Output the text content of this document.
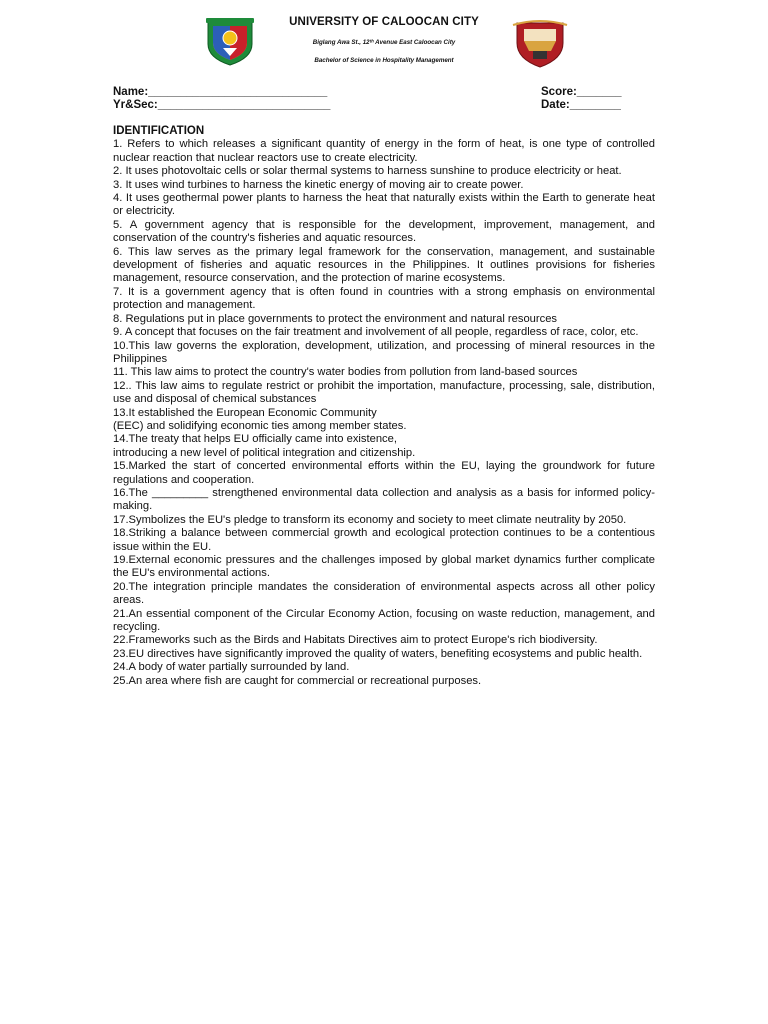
UNIVERSITY OF CALOOCAN CITY
Biglang Awa St., 12ᵗʰ Avenue East Caloocan City
Bachelor of Science in Hospitality Management
Name:____________________________
Yr&Sec:___________________________
Score:_______
Date:________
IDENTIFICATION

1. Refers to which releases a significant quantity of energy in the form of heat, is one type of controlled nuclear reaction that nuclear reactors use to create electricity.

2. It uses photovoltaic cells or solar thermal systems to harness sunshine to produce electricity or heat.

3. It uses wind turbines to harness the kinetic energy of moving air to create power.

4. It uses geothermal power plants to harness the heat that naturally exists within the Earth to generate heat or electricity.

5. A government agency that is responsible for the development, improvement, management, and conservation of the country's fisheries and aquatic resources.

6. This law serves as the primary legal framework for the conservation, management, and sustainable development of fisheries and aquatic resources in the Philippines. It outlines provisions for fisheries management, resource conservation, and the protection of marine ecosystems.

7. It is a government agency that is often found in countries with a strong emphasis on environmental protection and management.

8. Regulations put in place governments to protect the environment and natural resources

9. A concept that focuses on the fair treatment and involvement of all people, regardless of race, color, etc.

10.This law governs the exploration, development, utilization, and processing of mineral resources in the Philippines

11. This law aims to protect the country's water bodies from pollution from land-based sources

12.. This law aims to regulate restrict or prohibit the importation, manufacture, processing, sale, distribution, use and disposal of chemical substances

13.It established the European Economic Community

(EEC) and solidifying economic ties among member states.

14.The treaty that helps EU officially came into existence,

introducing a new level of political integration and citizenship.

15.Marked the start of concerted environmental efforts within the EU, laying the groundwork for future regulations and cooperation.

16.The _________ strengthened environmental data collection and analysis as a basis for informed policy-making.

17.Symbolizes the EU's pledge to transform its economy and society to meet climate neutrality by 2050.

18.Striking a balance between commercial growth and ecological protection continues to be a contentious issue within the EU.

19.External economic pressures and the challenges imposed by global market dynamics further complicate the EU's environmental actions.

20.The integration principle mandates the consideration of environmental aspects across all other policy areas.

21.An essential component of the Circular Economy Action, focusing on waste reduction, management, and recycling.

22.Frameworks such as the Birds and Habitats Directives aim to protect Europe's rich biodiversity.

23.EU directives have significantly improved the quality of waters, benefiting ecosystems and public health.

24.A body of water partially surrounded by land.

25.An area where fish are caught for commercial or recreational purposes.
